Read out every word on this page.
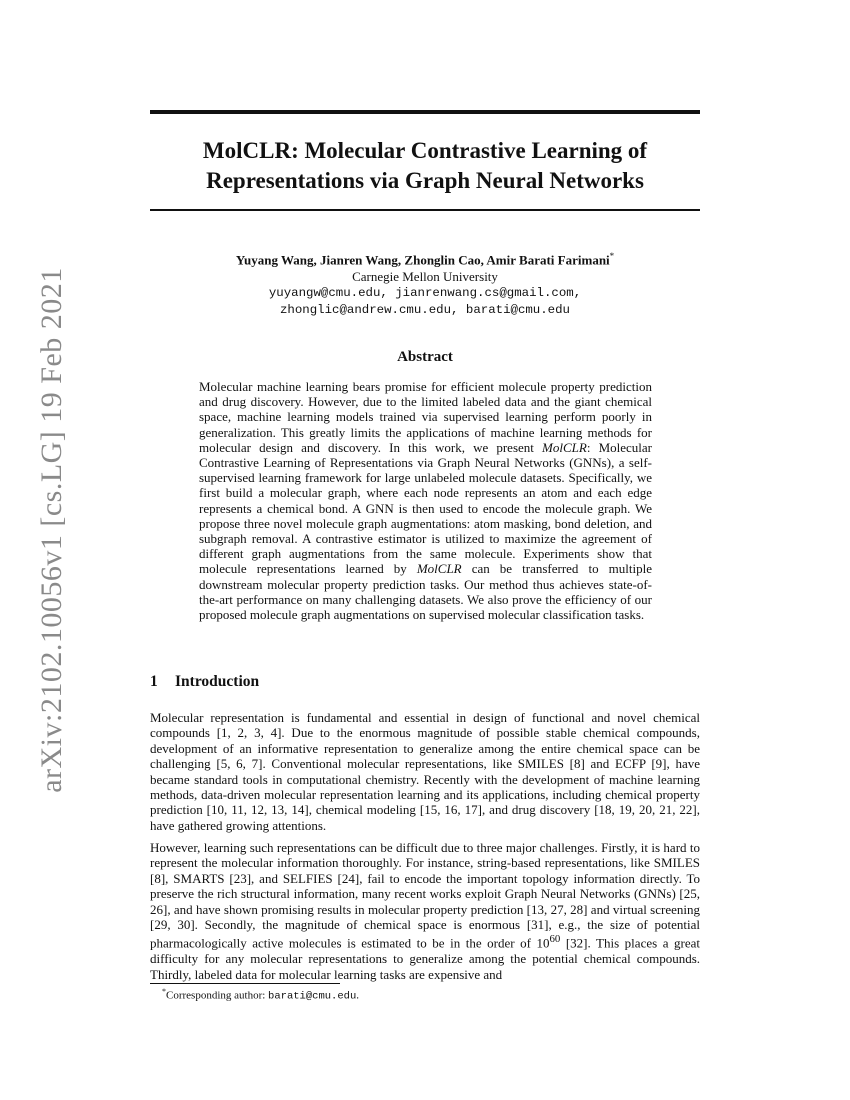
arXiv:2102.10056v1 [cs.LG] 19 Feb 2021
MolCLR: Molecular Contrastive Learning of
Representations via Graph Neural Networks
Yuyang Wang, Jianren Wang, Zhonglin Cao, Amir Barati Farimani*
Carnegie Mellon University
yuyangw@cmu.edu, jianrenwang.cs@gmail.com,
zhonglic@andrew.cmu.edu, barati@cmu.edu
Abstract
Molecular machine learning bears promise for efficient molecule property prediction and drug discovery. However, due to the limited labeled data and the giant chemical space, machine learning models trained via supervised learning perform poorly in generalization. This greatly limits the applications of machine learning methods for molecular design and discovery. In this work, we present MolCLR: Molecular Contrastive Learning of Representations via Graph Neural Networks (GNNs), a self-supervised learning framework for large unlabeled molecule datasets. Specifically, we first build a molecular graph, where each node represents an atom and each edge represents a chemical bond. A GNN is then used to encode the molecule graph. We propose three novel molecule graph augmentations: atom masking, bond deletion, and subgraph removal. A contrastive estimator is utilized to maximize the agreement of different graph augmentations from the same molecule. Experiments show that molecule representations learned by MolCLR can be transferred to multiple downstream molecular property prediction tasks. Our method thus achieves state-of-the-art performance on many challenging datasets. We also prove the efficiency of our proposed molecule graph augmentations on supervised molecular classification tasks.
1 Introduction
Molecular representation is fundamental and essential in design of functional and novel chemical compounds [1, 2, 3, 4]. Due to the enormous magnitude of possible stable chemical compounds, development of an informative representation to generalize among the entire chemical space can be challenging [5, 6, 7]. Conventional molecular representations, like SMILES [8] and ECFP [9], have became standard tools in computational chemistry. Recently with the development of machine learning methods, data-driven molecular representation learning and its applications, including chemical property prediction [10, 11, 12, 13, 14], chemical modeling [15, 16, 17], and drug discovery [18, 19, 20, 21, 22], have gathered growing attentions.
However, learning such representations can be difficult due to three major challenges. Firstly, it is hard to represent the molecular information thoroughly. For instance, string-based representations, like SMILES [8], SMARTS [23], and SELFIES [24], fail to encode the important topology information directly. To preserve the rich structural information, many recent works exploit Graph Neural Networks (GNNs) [25, 26], and have shown promising results in molecular property prediction [13, 27, 28] and virtual screening [29, 30]. Secondly, the magnitude of chemical space is enormous [31], e.g., the size of potential pharmacologically active molecules is estimated to be in the order of $10^{60}$ [32]. This places a great difficulty for any molecular representations to generalize among the potential chemical compounds. Thirdly, labeled data for molecular learning tasks are expensive and
*Corresponding author: barati@cmu.edu.
